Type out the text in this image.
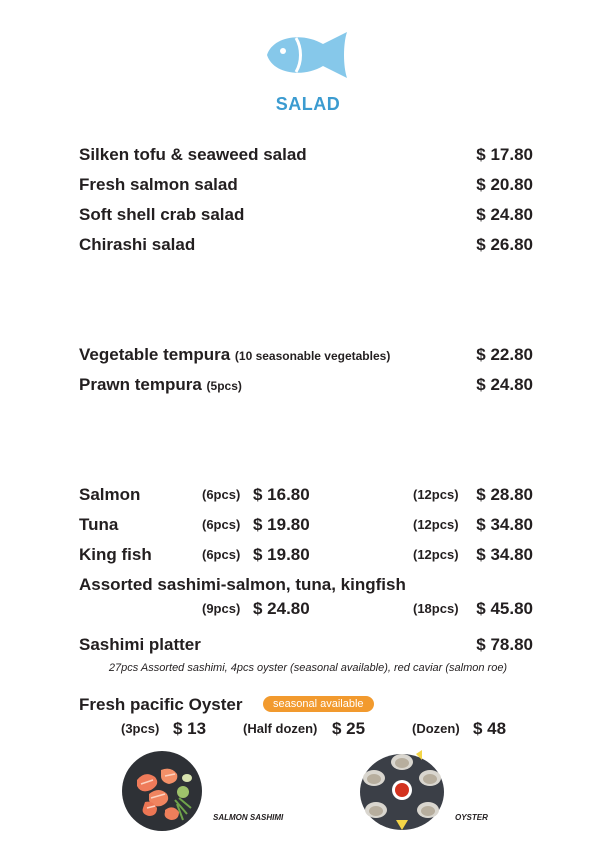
SALAD
Silken tofu & seaweed salad	$ 17.80
Fresh salmon salad	$ 20.80
Soft shell crab salad	$ 24.80
Chirashi salad	$ 26.80
Vegetable tempura (10 seasonable vegetables)	$ 22.80
Prawn tempura (5pcs)	$ 24.80
Salmon	(6pcs) $ 16.80	(12pcs) $ 28.80
Tuna	(6pcs) $ 19.80	(12pcs) $ 34.80
King fish	(6pcs) $ 19.80	(12pcs) $ 34.80
Assorted sashimi-salmon, tuna, kingfish
(9pcs) $ 24.80	(18pcs) $ 45.80
Sashimi platter	$ 78.80
27pcs Assorted sashimi, 4pcs oyster (seasonal available), red caviar (salmon roe)
Fresh pacific Oyster	seasonal available
(3pcs) $ 13	(Half dozen) $ 25	(Dozen) $ 48
SALMON SASHIMI	OYSTER
